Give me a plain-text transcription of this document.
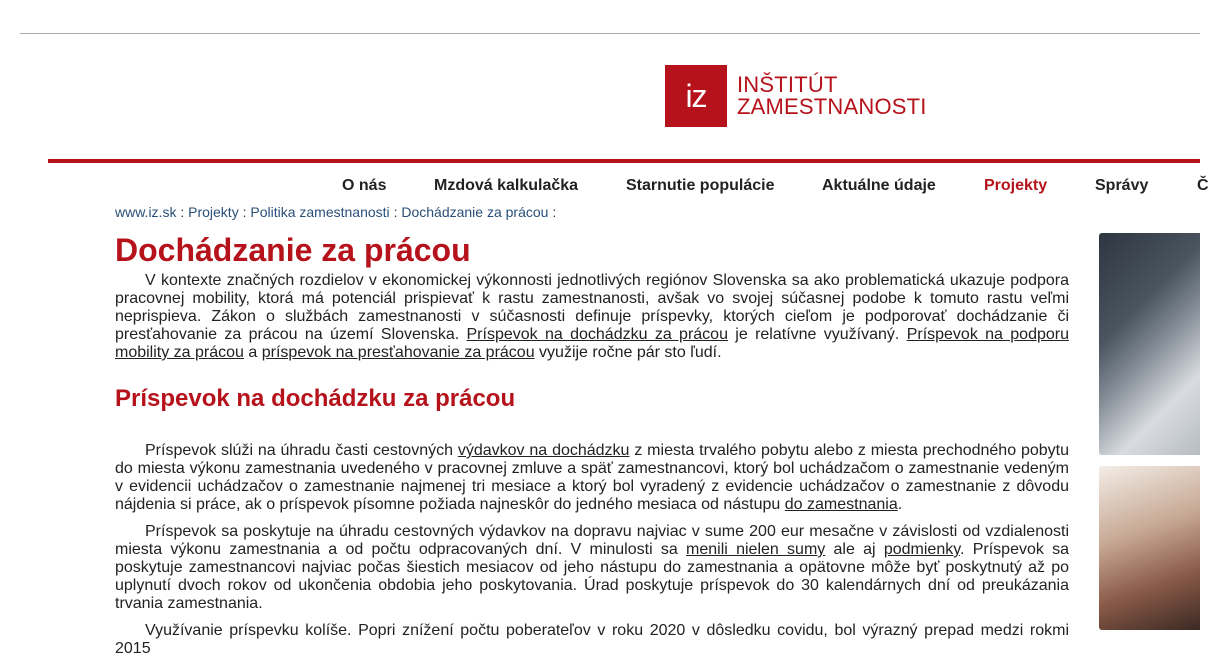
iz	INŠTITÚT
ZAMESTNANOSTI
O nás	Mzdová kalkulačka	Starnutie populácie	Aktuálne údaje	Projekty	Správy	Č
www.iz.sk : Projekty : Politika zamestnanosti : Dochádzanie za prácou :
Dochádzanie za prácou

V kontexte značných rozdielov v ekonomickej výkonnosti jednotlivých regiónov Slovenska sa ako problematická ukazuje podpora pracovnej mobility, ktorá má potenciál prispievať k rastu zamestnanosti, avšak vo svojej súčasnej podobe k tomuto rastu veľmi neprispieva. Zákon o službách zamestnanosti v súčasnosti definuje príspevky, ktorých cieľom je podporovať dochádzanie či presťahovanie za prácou na území Slovenska. Príspevok na dochádzku za prácou je relatívne využívaný. Príspevok na podporu mobility za prácou a príspevok na presťahovanie za prácou využije ročne pár sto ľudí.

Príspevok na dochádzku za prácou

Príspevok slúži na úhradu časti cestovných výdavkov na dochádzku z miesta trvalého pobytu alebo z miesta prechodného pobytu do miesta výkonu zamestnania uvedeného v pracovnej zmluve a späť zamestnancovi, ktorý bol uchádzačom o zamestnanie vedeným v evidencii uchádzačov o zamestnanie najmenej tri mesiace a ktorý bol vyradený z evidencie uchádzačov o zamestnanie z dôvodu nájdenia si práce, ak o príspevok písomne požiada najneskôr do jedného mesiaca od nástupu do zamestnania.

Príspevok sa poskytuje na úhradu cestovných výdavkov na dopravu najviac v sume 200 eur mesačne v závislosti od vzdialenosti miesta výkonu zamestnania a od počtu odpracovaných dní. V minulosti sa menili nielen sumy ale aj podmienky. Príspevok sa poskytuje zamestnancovi najviac počas šiestich mesiacov od jeho nástupu do zamestnania a opätovne môže byť poskytnutý až po uplynutí dvoch rokov od ukončenia obdobia jeho poskytovania. Úrad poskytuje príspevok do 30 kalendárnych dní od preukázania trvania zamestnania.

Využívanie príspevku kolíše. Popri znížení počtu poberateľov v roku 2020 v dôsledku covidu, bol výrazný prepad medzi rokmi 2015
